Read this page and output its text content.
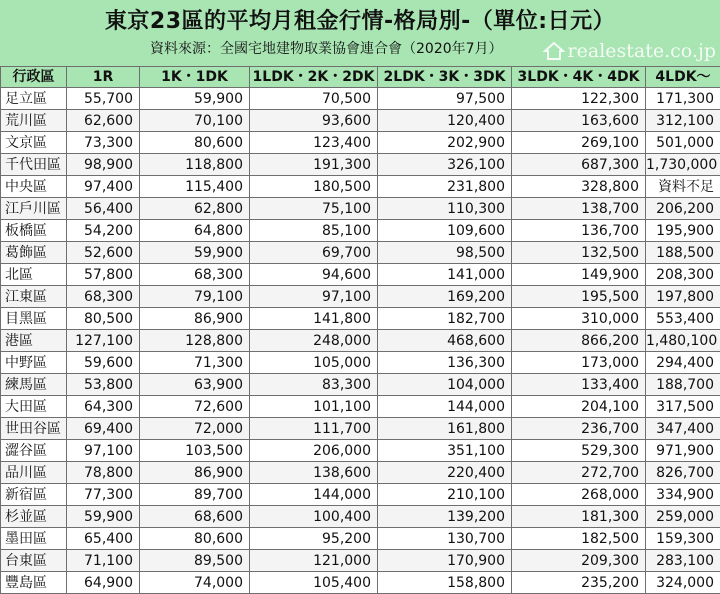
東京23區的平均月租金行情-格局別-（單位:日元）
資料來源：全國宅地建物取業協會連合會（2020年7月）	realestate.co.jp
行政區	1R	1K・1DK	1LDK・2K・2DK	2LDK・3K・3DK	3LDK・4K・4DK	4LDK～
足立區	55,700	59,900	70,500	97,500	122,300	171,300
荒川區	62,600	70,100	93,600	120,400	163,600	312,100
文京區	73,300	80,600	123,400	202,900	269,100	501,000
千代田區	98,900	118,800	191,300	326,100	687,300	1,730,000
中央區	97,400	115,400	180,500	231,800	328,800	資料不足
江戶川區	56,400	62,800	75,100	110,300	138,700	206,200
板橋區	54,200	64,800	85,100	109,600	136,700	195,900
葛飾區	52,600	59,900	69,700	98,500	132,500	188,500
北區	57,800	68,300	94,600	141,000	149,900	208,300
江東區	68,300	79,100	97,100	169,200	195,500	197,800
目黑區	80,500	86,900	141,800	182,700	310,000	553,400
港區	127,100	128,800	248,000	468,600	866,200	1,480,100
中野區	59,600	71,300	105,000	136,300	173,000	294,400
練馬區	53,800	63,900	83,300	104,000	133,400	188,700
大田區	64,300	72,600	101,100	144,000	204,100	317,500
世田谷區	69,400	72,000	111,700	161,800	236,700	347,400
澀谷區	97,100	103,500	206,000	351,100	529,300	971,900
品川區	78,800	86,900	138,600	220,400	272,700	826,700
新宿區	77,300	89,700	144,000	210,100	268,000	334,900
杉並區	59,900	68,600	100,400	139,200	181,300	259,000
墨田區	65,400	80,600	95,200	130,700	182,500	159,300
台東區	71,100	89,500	121,000	170,900	209,300	283,100
豐島區	64,900	74,000	105,400	158,800	235,200	324,000
